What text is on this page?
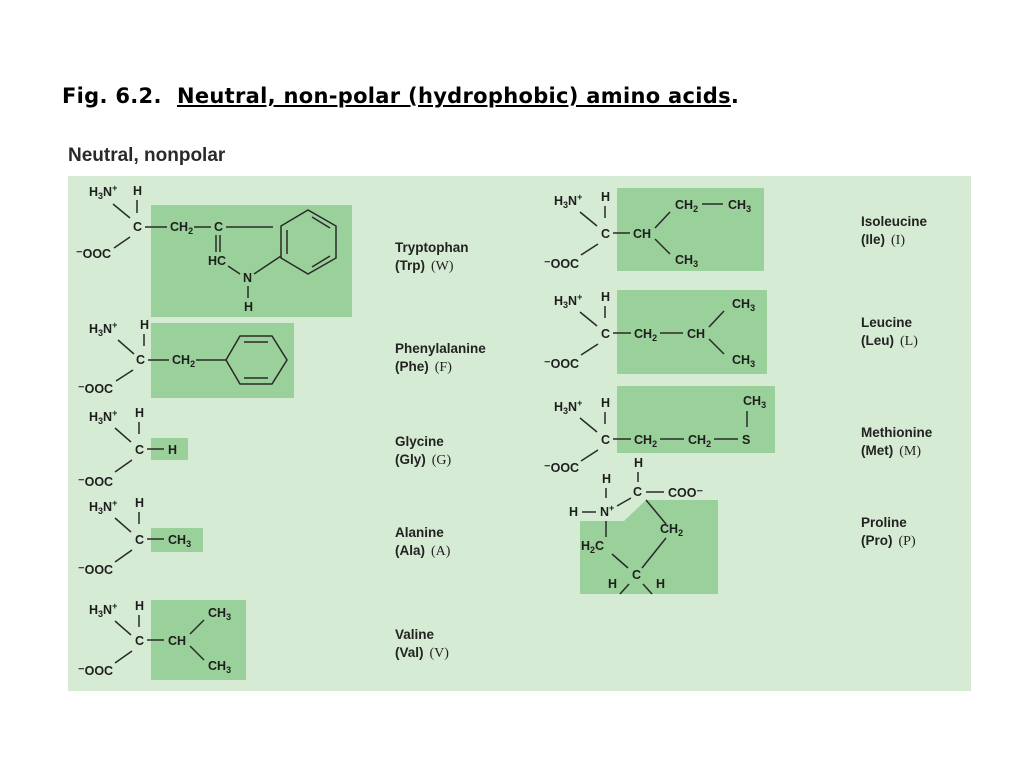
Fig. 6.2. Neutral, non-polar (hydrophobic) amino acids.
Neutral, nonpolar
$H_3N^+$ H
C
⁻OOC
$CH_2$ C
HC
N
H
$H_3N^+$ H
C
⁻OOC
$CH_2$
$H_3N^+$ H
C
⁻OOC
H
$H_3N^+$ H
C
⁻OOC
$CH_3$
$H_3N^+$ H
C
⁻OOC
CH
$CH_3$
$CH_3$
$H_3N^+$ H
C
⁻OOC
CH
$CH_2$ $CH_3$
$CH_3$
$H_3N^+$ H
C
⁻OOC
$CH_2$ CH
$CH_3$
$CH_3$
$H_3N^+$ H
C
⁻OOC
$CH_2$ $CH_2$ S
$CH_3$
H
H
C COO⁻
H N+
$CH_2$
$H_2C$
C
H	H
Tryptophan
(Trp) (W)
Phenylalanine
(Phe) (F)
Glycine
(Gly) (G)
Alanine
(Ala) (A)
Valine
(Val) (V)
Isoleucine
(Ile) (I)
Leucine
(Leu) (L)
Methionine
(Met) (M)
Proline
(Pro) (P)
